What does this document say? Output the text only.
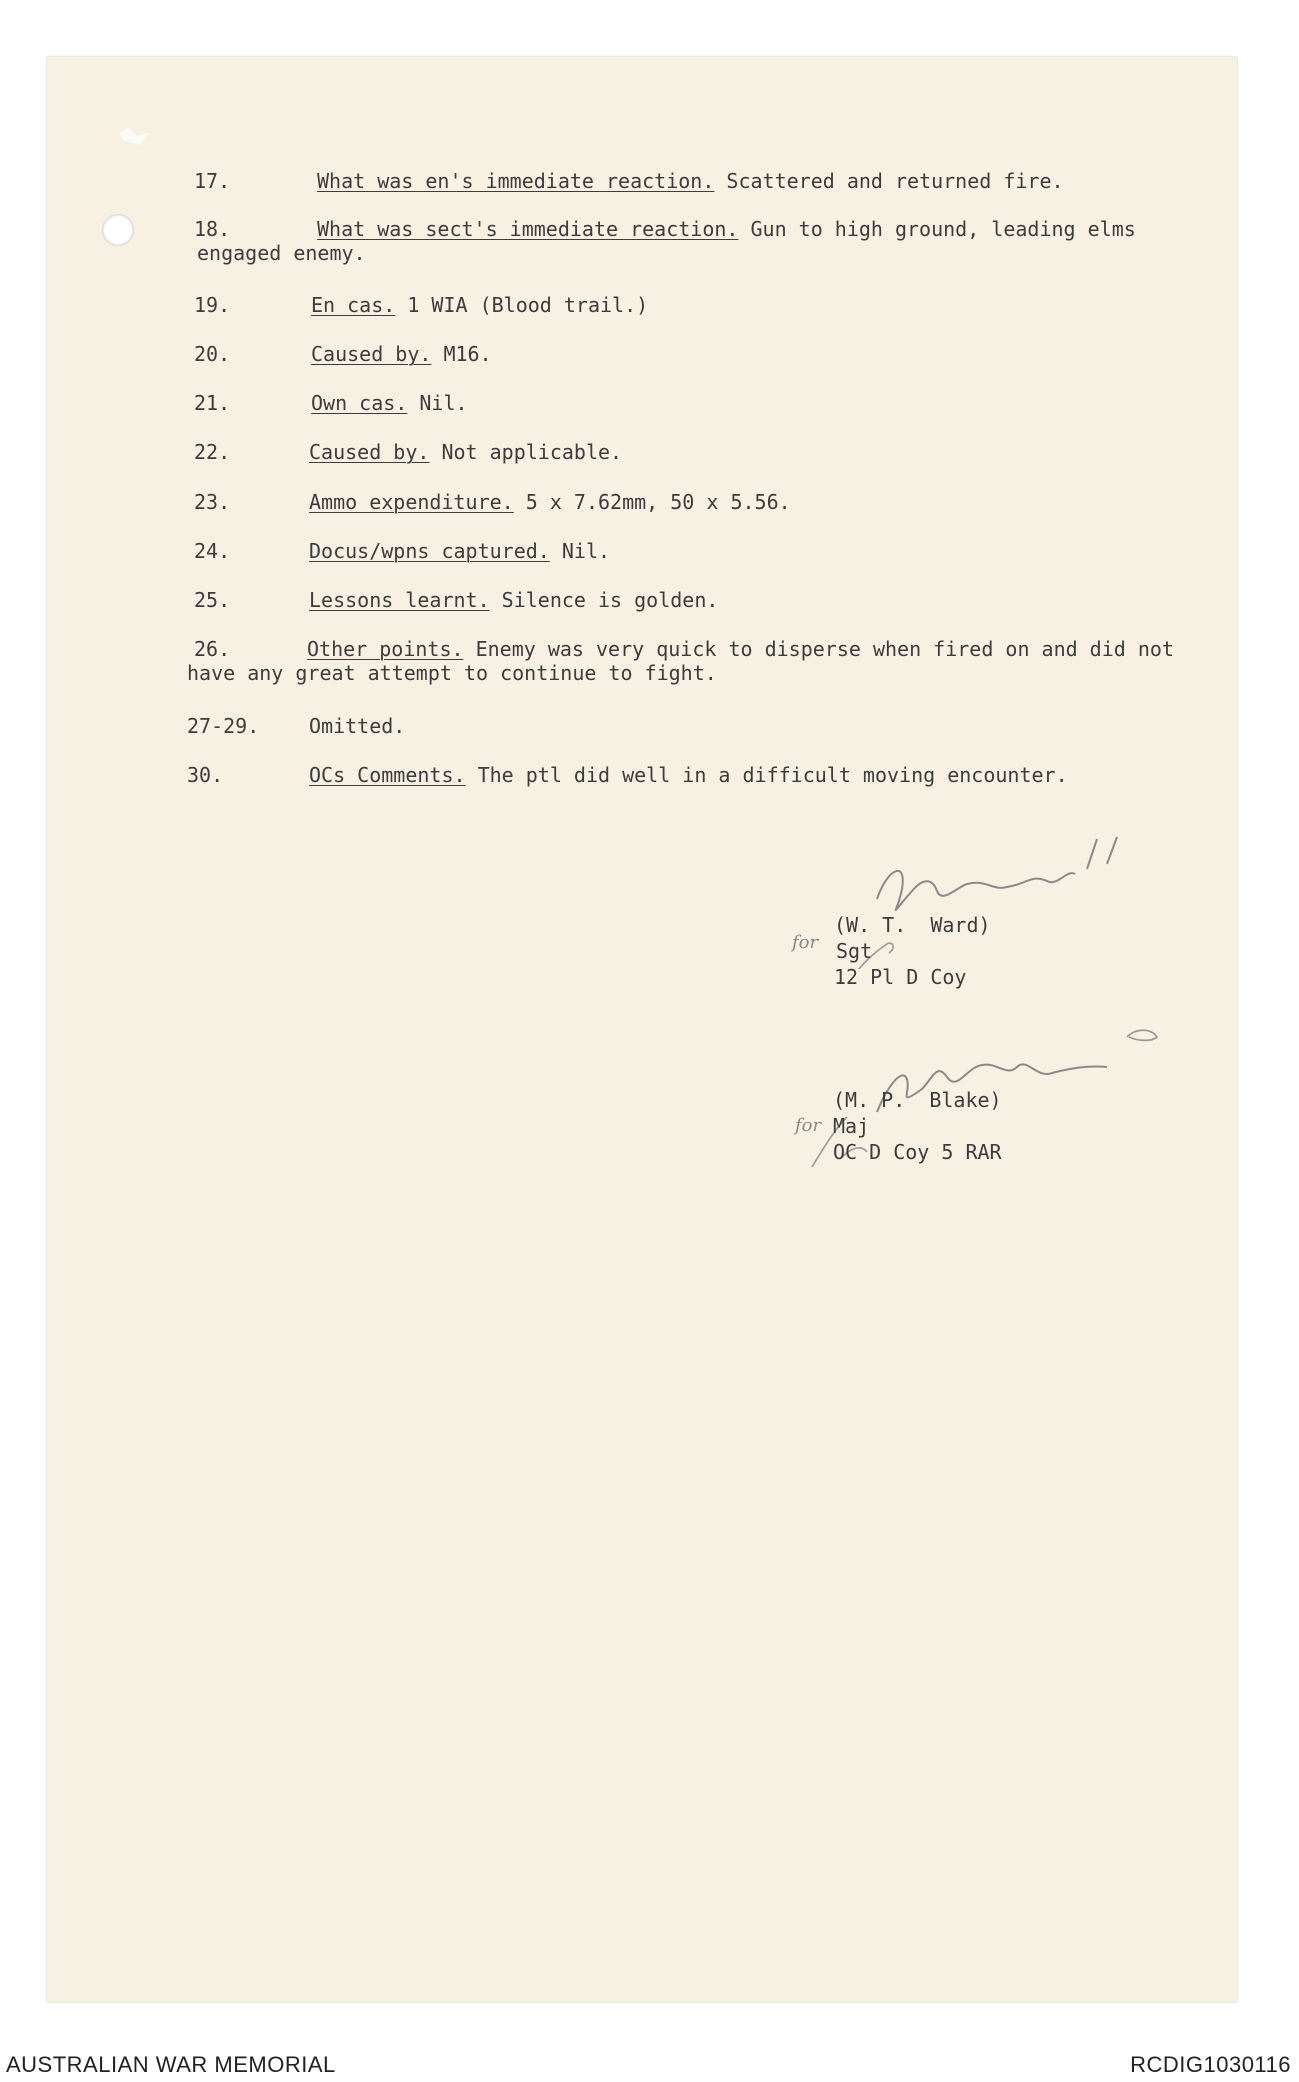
17.	What was en's immediate reaction. Scattered and returned fire.
18.	What was sect's immediate reaction. Gun to high ground, leading elms engaged enemy.
19.	En cas. 1 WIA (Blood trail.)
20.	Caused by. M16.
21.	Own cas. Nil.
22.	Caused by. Not applicable.
23.	Ammo expenditure. 5 x 7.62mm, 50 x 5.56.
24.	Docus/wpns captured. Nil.
25.	Lessons learnt. Silence is golden.
26.	Other points. Enemy was very quick to disperse when fired on and did not have any great attempt to continue to fight.
27-29. Omitted.
30.	OCs Comments. The ptl did well in a difficult moving encounter.
for
(W. T.  Ward)
Sgt
12 Pl D Coy
for
(M. P.  Blake)
Maj
OC D Coy 5 RAR
AUSTRALIAN WAR MEMORIAL	RCDIG1030116
